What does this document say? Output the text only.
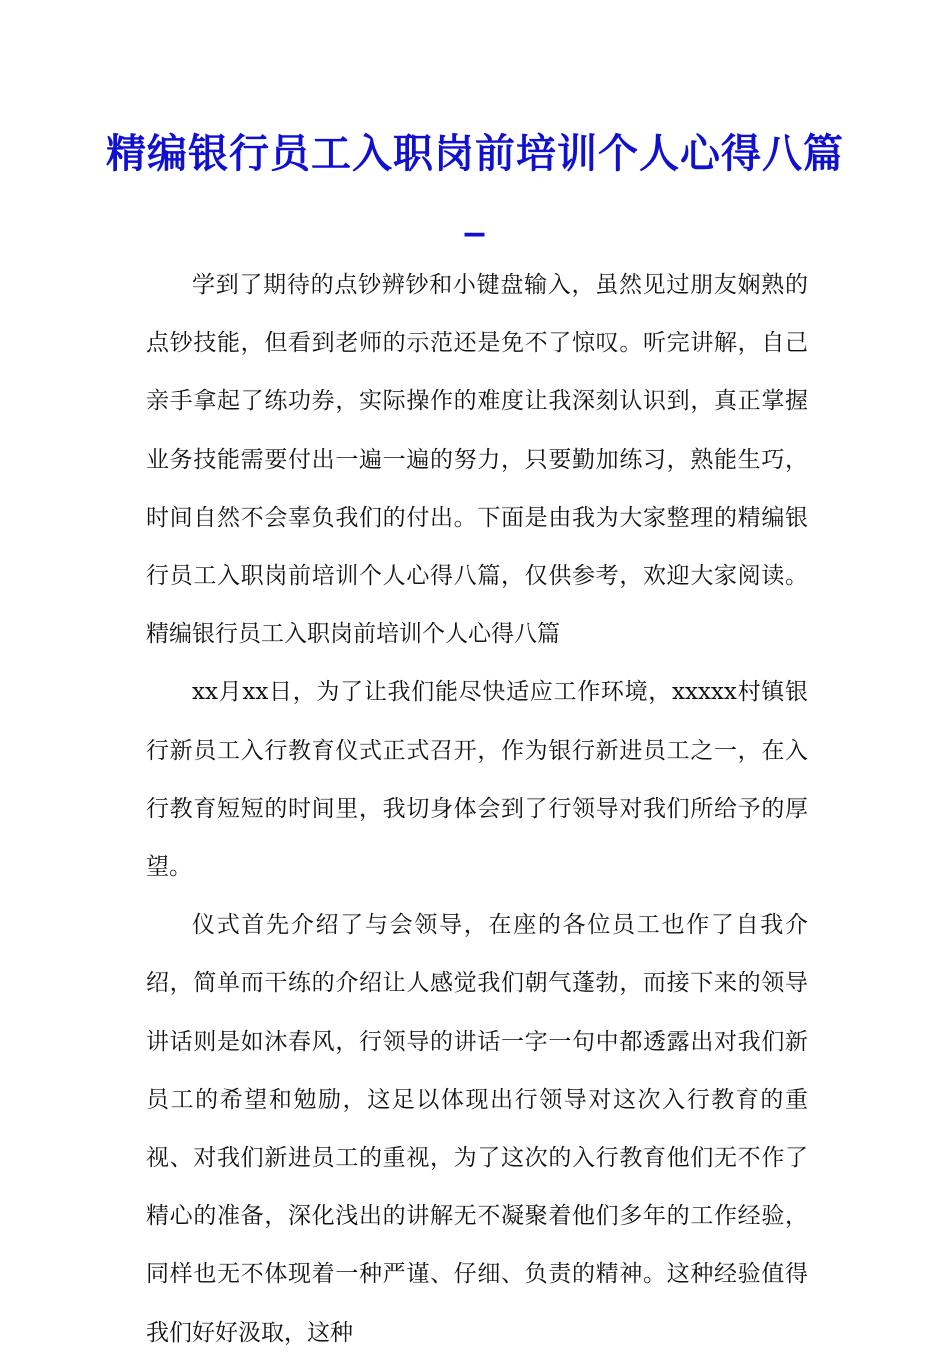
精编银行员工入职岗前培训个人心得八篇_

学到了期待的点钞辨钞和小键盘输入，虽然见过朋友娴熟的点钞技能，但看到老师的示范还是免不了惊叹。听完讲解，自己亲手拿起了练功券，实际操作的难度让我深刻认识到，真正掌握业务技能需要付出一遍一遍的努力，只要勤加练习，熟能生巧，时间自然不会辜负我们的付出。下面是由我为大家整理的精编银行员工入职岗前培训个人心得八篇，仅供参考，欢迎大家阅读。精编银行员工入职岗前培训个人心得八篇

xx月xx日，为了让我们能尽快适应工作环境，xxxxx村镇银行新员工入行教育仪式正式召开，作为银行新进员工之一，在入行教育短短的时间里，我切身体会到了行领导对我们所给予的厚望。

仪式首先介绍了与会领导，在座的各位员工也作了自我介绍，简单而干练的介绍让人感觉我们朝气蓬勃，而接下来的领导讲话则是如沐春风，行领导的讲话一字一句中都透露出对我们新员工的希望和勉励，这足以体现出行领导对这次入行教育的重视、对我们新进员工的重视，为了这次的入行教育他们无不作了精心的准备，深化浅出的讲解无不凝聚着他们多年的工作经验，同样也无不体现着一种严谨、仔细、负责的精神。这种经验值得我们好好汲取，这种
